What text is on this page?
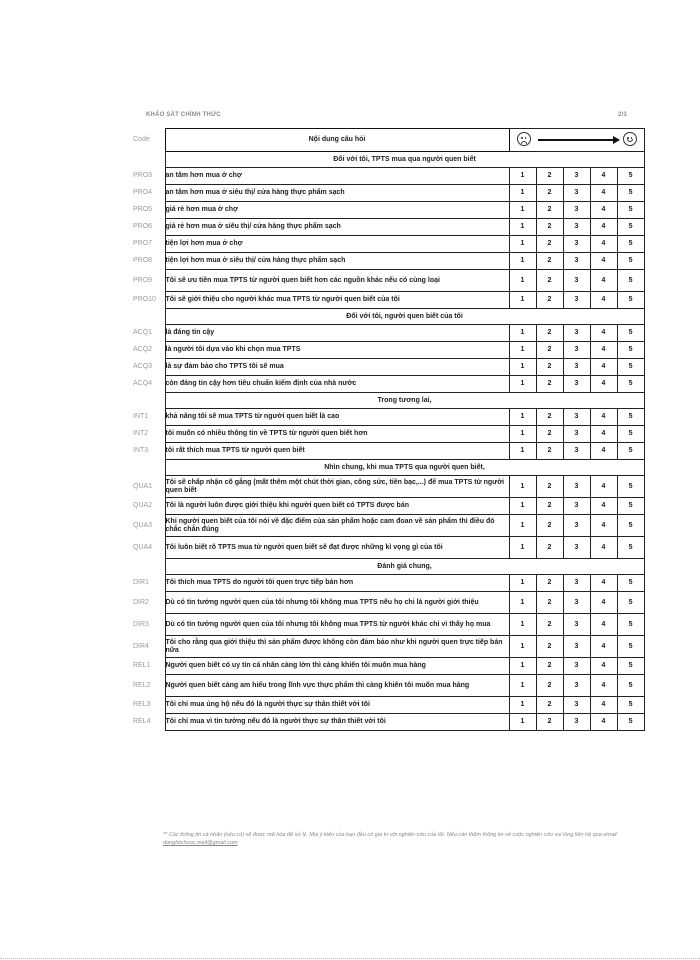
KHẢO SÁT CHÍNH THỨC	2/3
Code	Nội dung câu hỏi					

	Đối với tôi, TPTS mua qua người quen biết					
PRO3	an tâm hơn mua ở chợ	1	2	3	4	5
PRO4	an tâm hơn mua ở siêu thị/ cửa hàng thực phẩm sạch	1	2	3	4	5
PRO5	giá rẻ hơn mua ở chợ	1	2	3	4	5
PRO6	giá rẻ hơn mua ở siêu thị/ cửa hàng thực phẩm sạch	1	2	3	4	5
PRO7	tiện lợi hơn mua ở chợ	1	2	3	4	5
PRO8	tiện lợi hơn mua ở siêu thị/ cửa hàng thực phẩm sạch	1	2	3	4	5
PRO9	Tôi sẽ ưu tiên mua TPTS từ người quen biết hơn các nguồn khác nếu có cùng loại	1	2	3	4	5
PRO10	Tôi sẽ giới thiệu cho người khác mua TPTS từ người quen biết của tôi	1	2	3	4	5
	Đối với tôi, người quen biết của tôi					
ACQ1	là đáng tin cậy	1	2	3	4	5
ACQ2	là người tôi dựa vào khi chọn mua TPTS	1	2	3	4	5
ACQ3	là sự đảm bảo cho TPTS tôi sẽ mua	1	2	3	4	5
ACQ4	còn đáng tin cậy hơn tiêu chuẩn kiểm định của nhà nước	1	2	3	4	5
	Trong tương lai,					
INT1	khả năng tôi sẽ mua TPTS từ người quen biết là cao	1	2	3	4	5
INT2	tôi muốn có nhiều thông tin về TPTS từ người quen biết hơn	1	2	3	4	5
INT3	tôi rất thích mua TPTS từ người quen biết	1	2	3	4	5
	Nhìn chung, khi mua TPTS qua người quen biết,					
QUA1	Tôi sẽ chấp nhận cố gắng (mất thêm một chút thời gian, công sức, tiền bạc,...) để mua TPTS từ người quen biết	1	2	3	4	5
QUA2	Tôi là người luôn được giới thiệu khi người quen biết có TPTS được bán	1	2	3	4	5
QUA3	Khi người quen biết của tôi nói về đặc điểm của sản phẩm hoặc cam đoan về sản phẩm thì điều đó chắc chắn đúng	1	2	3	4	5
QUA4	Tôi luôn biết rõ TPTS mua từ người quen biết sẽ đạt được những kì vọng gì của tôi	1	2	3	4	5
	Đánh giá chung,					
DIR1	Tôi thích mua TPTS do người tôi quen trực tiếp bán hơn	1	2	3	4	5
DIR2	Dù có tin tưởng người quen của tôi nhưng tôi không mua TPTS nếu họ chỉ là người giới thiệu	1	2	3	4	5
DIR3	Dù có tin tưởng người quen của tôi nhưng tôi không mua TPTS từ người khác chỉ vì thấy họ mua	1	2	3	4	5
DIR4	Tôi cho rằng qua giới thiệu thì sản phẩm được không còn đảm bảo như khi người quen trực tiếp bán nữa	1	2	3	4	5
REL1	Người quen biết có uy tín cá nhân càng lớn thì càng khiến tôi muốn mua hàng	1	2	3	4	5
REL2	Người quen biết càng am hiểu trong lĩnh vực thực phẩm thì càng khiến tôi muốn mua hàng	1	2	3	4	5
REL3	Tôi chỉ mua ủng hộ nếu đó là người thực sự thân thiết với tôi	1	2	3	4	5
REL4	Tôi chỉ mua vì tin tưởng nếu đó là người thực sự thân thiết với tôi	1	2	3	4	5
** Các thông tin cá nhân (nếu có) sẽ được mã hóa để xử lý. Mọi ý kiến của bạn đều có giá trị với nghiên cứu của tôi. Nếu cần thêm thông tin về cuộc nghiên cứu vui lòng liên hệ qua email: danghiichuoc.mail@gmail.com
